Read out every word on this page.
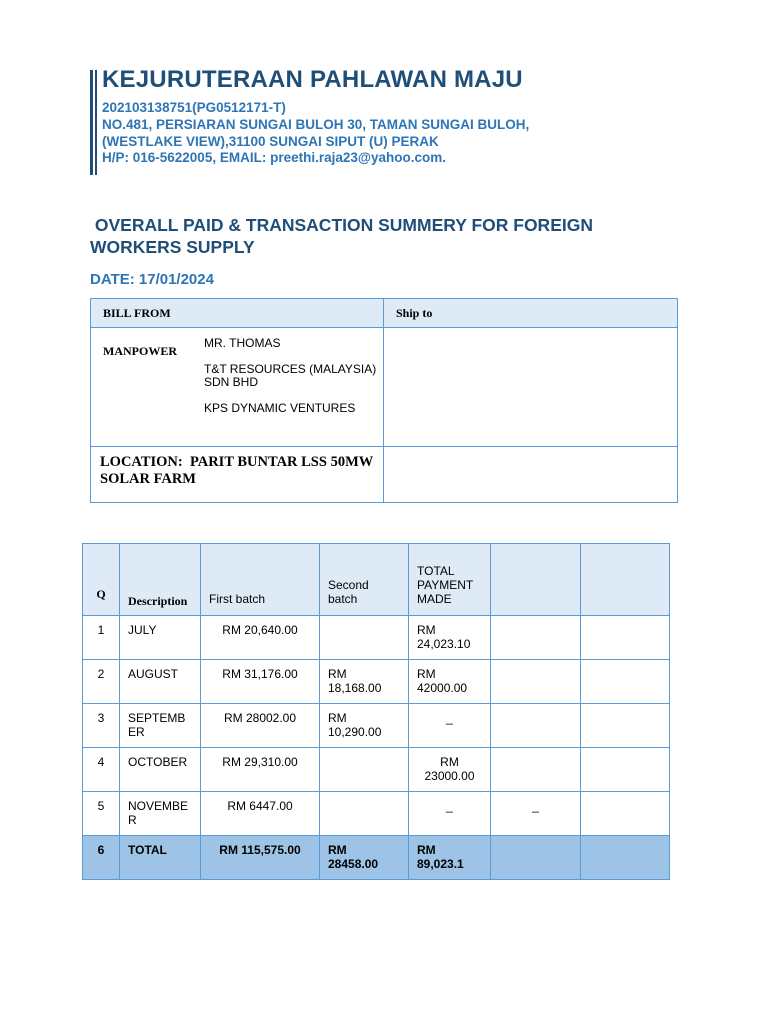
KEJURUTERAAN PAHLAWAN MAJU
202103138751(PG0512171-T)
NO.481, PERSIARAN SUNGAI BULOH 30, TAMAN SUNGAI BULOH,
(WESTLAKE VIEW),31100 SUNGAI SIPUT (U) PERAK
H/P: 016-5622005, EMAIL: preethi.raja23@yahoo.com.
OVERALL PAID & TRANSACTION SUMMERY FOR FOREIGN
WORKERS SUPPLY
DATE: 17/01/2024
BILL FROM	Ship to

MANPOWER
MR. THOMAS
T&T RESOURCES (MALAYSIA) SDN BHD
KPS DYNAMIC VENTURES	

LOCATION:  PARIT BUNTAR LSS 50MW
SOLAR FARM	

Q	Description	First batch	Second batch	TOTAL PAYMENT MADE		
1	JULY	RM 20,640.00		RM 24,023.10		
2	AUGUST	RM 31,176.00	RM 18,168.00	RM 42000.00		
3	SEPTEMBER	RM 28002.00	RM 10,290.00	_		
4	OCTOBER	RM 29,310.00		RM 23000.00		
5	NOVEMBER	RM 6447.00		_	_	
6	TOTAL	RM 115,575.00	RM 28458.00	RM 89,023.1		
